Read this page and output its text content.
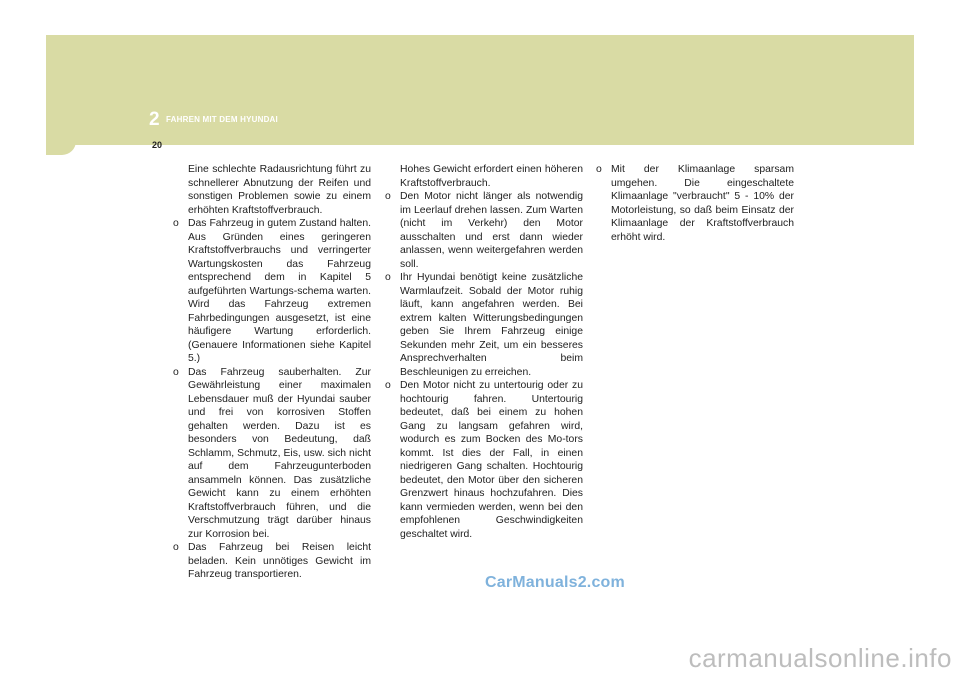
2 FAHREN MIT DEM HYUNDAI
20

Eine schlechte Radausrichtung führt zu schnellerer Abnutzung der Reifen und sonstigen Problemen sowie zu einem erhöhten Kraftstoffverbrauch.

o Das Fahrzeug in gutem Zustand halten. Aus Gründen eines geringeren Kraftstoffverbrauchs und verringerter Wartungskosten das Fahrzeug entsprechend dem in Kapitel 5 aufgeführten Wartungs-schema warten. Wird das Fahrzeug extremen Fahrbedingungen ausgesetzt, ist eine häufigere Wartung erforderlich. (Genauere Informationen siehe Kapitel 5.)
o Das Fahrzeug sauberhalten. Zur Gewährleistung einer maximalen Lebensdauer muß der Hyundai sauber und frei von korrosiven Stoffen gehalten werden. Dazu ist es besonders von Bedeutung, daß Schlamm, Schmutz, Eis, usw. sich nicht auf dem Fahrzeugunterboden ansammeln können. Das zusätzliche Gewicht kann zu einem erhöhten Kraftstoffverbrauch führen, und die Verschmutzung trägt darüber hinaus zur Korrosion bei.
o Das Fahrzeug bei Reisen leicht beladen. Kein unnötiges Gewicht im Fahrzeug transportieren.

Hohes Gewicht erfordert einen höheren Kraftstoffverbrauch.

o Den Motor nicht länger als notwendig im Leerlauf drehen lassen. Zum Warten (nicht im Verkehr) den Motor ausschalten und erst dann wieder anlassen, wenn weitergefahren werden soll.
o Ihr Hyundai benötigt keine zusätzliche Warmlaufzeit. Sobald der Motor ruhig läuft, kann angefahren werden. Bei extrem kalten Witterungsbedingungen geben Sie Ihrem Fahrzeug einige Sekunden mehr Zeit, um ein besseres Ansprechverhalten beim Beschleunigen zu erreichen.
o Den Motor nicht zu untertourig oder zu hochtourig fahren. Untertourig bedeutet, daß bei einem zu hohen Gang zu langsam gefahren wird, wodurch es zum Bocken des Mo-tors kommt. Ist dies der Fall, in einen niedrigeren Gang schalten. Hochtourig bedeutet, den Motor über den sicheren Grenzwert hinaus hochzufahren. Dies kann vermieden werden, wenn bei den empfohlenen Geschwindigkeiten geschaltet wird.
o Mit der Klimaanlage sparsam umgehen. Die eingeschaltete Klimaanlage "verbraucht" 5 - 10% der Motorleistung, so daß beim Einsatz der Klimaanlage der Kraftstoffverbrauch erhöht wird.
CarManuals2.com
carmanualsonline.info
